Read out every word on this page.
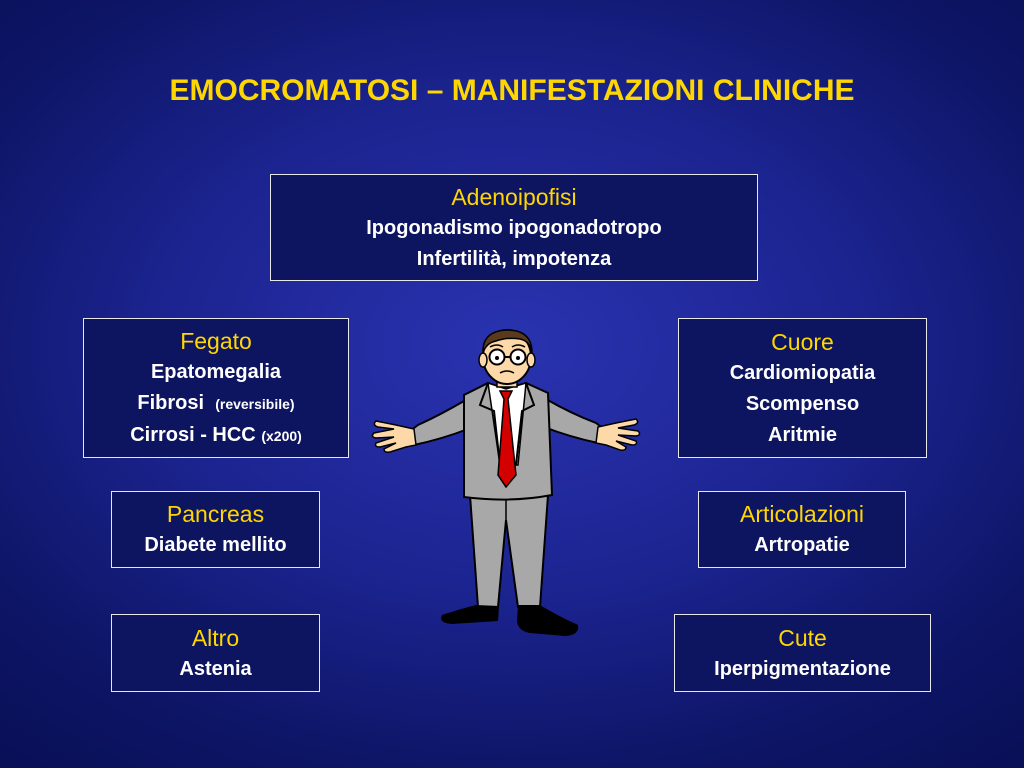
EMOCROMATOSI – MANIFESTAZIONI CLINICHE
Adenoipofisi
Ipogonadismo ipogonadotropo
Infertilità, impotenza
Fegato
Epatomegalia
Fibrosi (reversibile)
Cirrosi - HCC (x200)
Cuore
Cardiomiopatia
Scompenso
Aritmie
Pancreas
Diabete mellito
Articolazioni
Artropatie
Altro
Astenia
Cute
Iperpigmentazione
